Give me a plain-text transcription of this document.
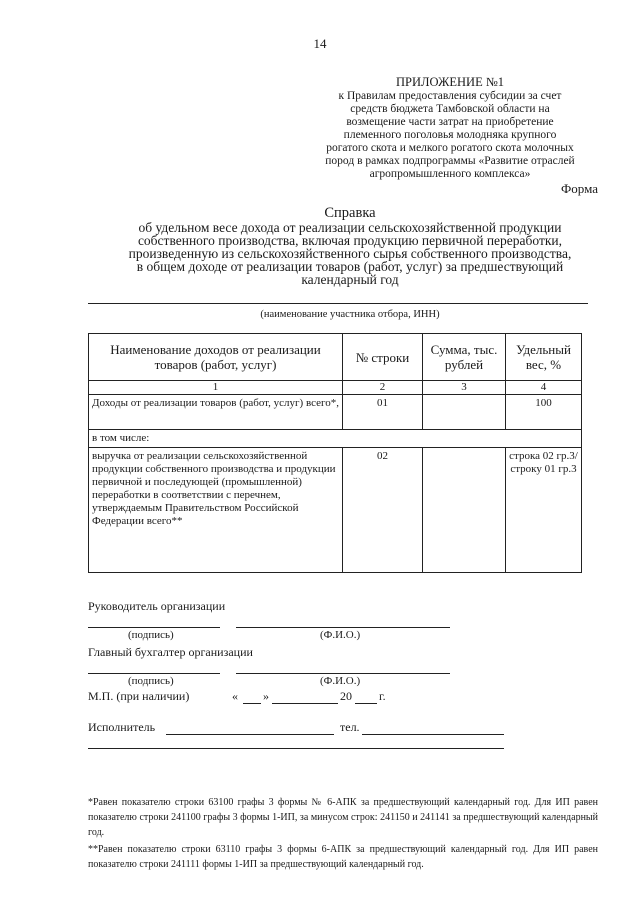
14
ПРИЛОЖЕНИЕ №1
к Правилам предоставления субсидии за счет
средств бюджета Тамбовской области на
возмещение части затрат на приобретение
племенного поголовья молодняка крупного
рогатого скота и мелкого рогатого скота молочных
пород в рамках подпрограммы «Развитие отраслей
агропромышленного комплекса»
Форма
Справка
об удельном весе дохода от реализации сельскохозяйственной продукции
собственного производства, включая продукцию первичной переработки,
произведенную из сельскохозяйственного сырья собственного производства,
в общем доходе от реализации товаров (работ, услуг) за предшествующий
календарный год
(наименование участника отбора, ИНН)
Наименование доходов от реализации товаров (работ, услуг)	№ строки	Сумма, тыс. рублей	Удельный вес, %
1	2	3	4
Доходы от реализации товаров (работ, услуг) всего*,	01		100
в том числе:			
выручка от реализации сельскохозяйственной продукции собственного производства и продукции первичной и последующей (промышленной) переработки в соответствии с перечнем, утверждаемым Правительством Российской Федерации всего**	02		строка 02 гр.3/ строку 01 гр.3
Руководитель организации
(подпись)	(Ф.И.О.)
Главный бухгалтер организации
(подпись)	(Ф.И.О.)
М.П. (при наличии)	« »	20 г.
Исполнитель	тел.

*Равен показателю строки 63100 графы 3 формы № 6-АПК за предшествующий календарный год. Для ИП равен показателю строки 241100 графы 3 формы 1-ИП, за минусом строк: 241150 и 241141 за предшествующий календарный год.

**Равен показателю строки 63110 графы 3 формы 6-АПК за предшествующий календарный год. Для ИП равен показателю строки 241111 формы 1-ИП за предшествующий календарный год.
